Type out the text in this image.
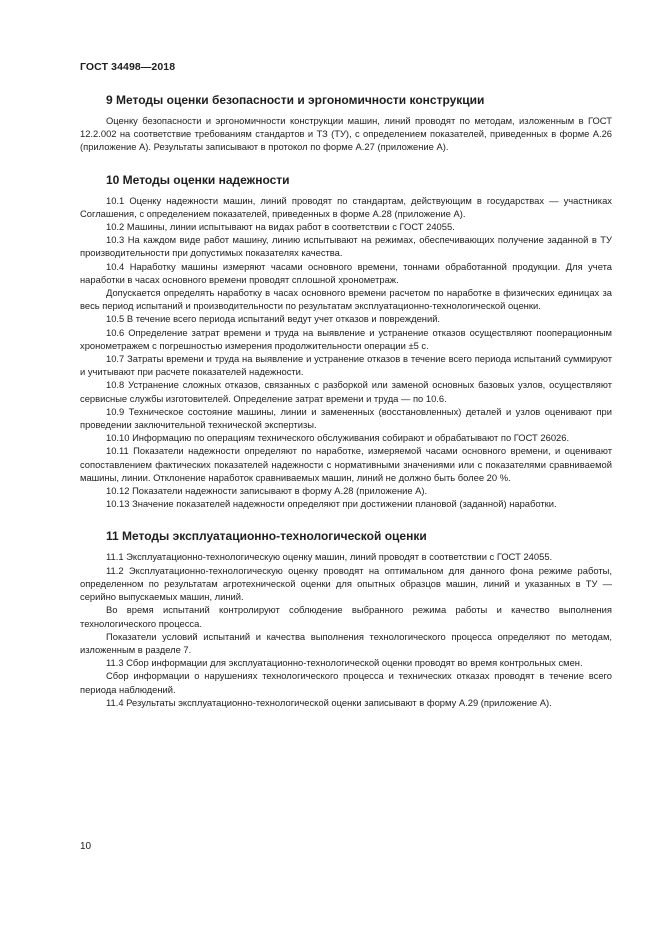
ГОСТ 34498—2018
9 Методы оценки безопасности и эргономичности конструкции

Оценку безопасности и эргономичности конструкции машин, линий проводят по методам, изложенным в ГОСТ 12.2.002 на соответствие требованиям стандартов и ТЗ (ТУ), с определением показателей, приведенных в форме А.26 (приложение А). Результаты записывают в протокол по форме А.27 (приложение А).

10 Методы оценки надежности

10.1 Оценку надежности машин, линий проводят по стандартам, действующим в государствах — участниках Соглашения, с определением показателей, приведенных в форме А.28 (приложение А).

10.2 Машины, линии испытывают на видах работ в соответствии с ГОСТ 24055.

10.3 На каждом виде работ машину, линию испытывают на режимах, обеспечивающих получение заданной в ТУ производительности при допустимых показателях качества.

10.4 Наработку машины измеряют часами основного времени, тоннами обработанной продукции. Для учета наработки в часах основного времени проводят сплошной хронометраж.

Допускается определять наработку в часах основного времени расчетом по наработке в физических единицах за весь период испытаний и производительности по результатам эксплуатационно-технологической оценки.

10.5 В течение всего периода испытаний ведут учет отказов и повреждений.

10.6 Определение затрат времени и труда на выявление и устранение отказов осуществляют пооперационным хронометражем с погрешностью измерения продолжительности операции ±5 с.

10.7 Затраты времени и труда на выявление и устранение отказов в течение всего периода испытаний суммируют и учитывают при расчете показателей надежности.

10.8 Устранение сложных отказов, связанных с разборкой или заменой основных базовых узлов, осуществляют сервисные службы изготовителей. Определение затрат времени и труда — по 10.6.

10.9 Техническое состояние машины, линии и замененных (восстановленных) деталей и узлов оценивают при проведении заключительной технической экспертизы.

10.10 Информацию по операциям технического обслуживания собирают и обрабатывают по ГОСТ 26026.

10.11 Показатели надежности определяют по наработке, измеряемой часами основного времени, и оценивают сопоставлением фактических показателей надежности с нормативными значениями или с показателями сравниваемой машины, линии. Отклонение наработок сравниваемых машин, линий не должно быть более 20 %.

10.12 Показатели надежности записывают в форму А.28 (приложение А).

10.13 Значение показателей надежности определяют при достижении плановой (заданной) наработки.

11 Методы эксплуатационно-технологической оценки

11.1 Эксплуатационно-технологическую оценку машин, линий проводят в соответствии с ГОСТ 24055.

11.2 Эксплуатационно-технологическую оценку проводят на оптимальном для данного фона режиме работы, определенном по результатам агротехнической оценки для опытных образцов машин, линий и указанных в ТУ — серийно выпускаемых машин, линий.

Во время испытаний контролируют соблюдение выбранного режима работы и качество выполнения технологического процесса.

Показатели условий испытаний и качества выполнения технологического процесса определяют по методам, изложенным в разделе 7.

11.3 Сбор информации для эксплуатационно-технологической оценки проводят во время контрольных смен.

Сбор информации о нарушениях технологического процесса и технических отказах проводят в течение всего периода наблюдений.

11.4 Результаты эксплуатационно-технологической оценки записывают в форму А.29 (приложение А).

10
